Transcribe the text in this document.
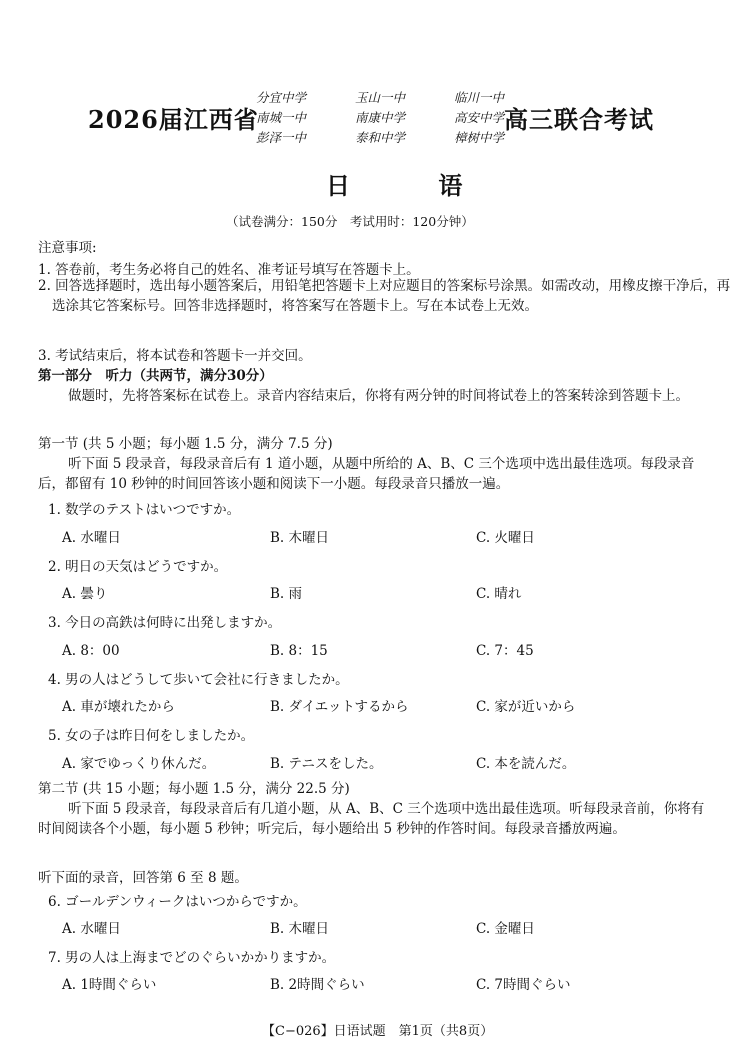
2026届江西省
分宜中学	玉山一中	临川一中
南城一中	南康中学	高安中学
彭泽一中	泰和中学	樟树中学
高三联合考试
日 语
（试卷满分：150分　考试用时：120分钟）
注意事项:
1. 答卷前，考生务必将自己的姓名、准考证号填写在答题卡上。
2. 回答选择题时，选出每小题答案后，用铅笔把答题卡上对应题目的答案标号涂黑。如需改动，用橡皮擦干净后，再选涂其它答案标号。回答非选择题时，将答案写在答题卡上。写在本试卷上无效。
3. 考试结束后，将本试卷和答题卡一并交回。
第一部分　听力（共两节，满分30分）
做题时，先将答案标在试卷上。录音内容结束后，你将有两分钟的时间将试卷上的答案转涂到答题卡上。
第一节 (共 5 小题；每小题 1.5 分，满分 7.5 分)
听下面 5 段录音，每段录音后有 1 道小题，从题中所给的 A、B、C 三个选项中选出最佳选项。每段录音后，都留有 10 秒钟的时间回答该小题和阅读下一小题。每段录音只播放一遍。
1. 数学のテストはいつですか。
A. 水曜日	B. 木曜日	C. 火曜日
2. 明日の天気はどうですか。
A. 曇り	B. 雨	C. 晴れ
3. 今日の高鉄は何時に出発しますか。
A. 8：00	B. 8：15	C. 7：45
4. 男の人はどうして歩いて会社に行きましたか。
A. 車が壊れたから	B. ダイエットするから	C. 家が近いから
5. 女の子は昨日何をしましたか。
A. 家でゆっくり休んだ。	B. テニスをした。	C. 本を読んだ。
第二节 (共 15 小题；每小题 1.5 分，满分 22.5 分)
听下面 5 段录音，每段录音后有几道小题，从 A、B、C 三个选项中选出最佳选项。听每段录音前，你将有时间阅读各个小题，每小题 5 秒钟；听完后，每小题给出 5 秒钟的作答时间。每段录音播放两遍。
听下面的录音，回答第 6 至 8 题。
6. ゴールデンウィークはいつからですか。
A. 水曜日	B. 木曜日	C. 金曜日
7. 男の人は上海までどのぐらいかかりますか。
A. 1時間ぐらい	B. 2時間ぐらい	C. 7時間ぐらい
【C−026】日语试题　第1页（共8页）
